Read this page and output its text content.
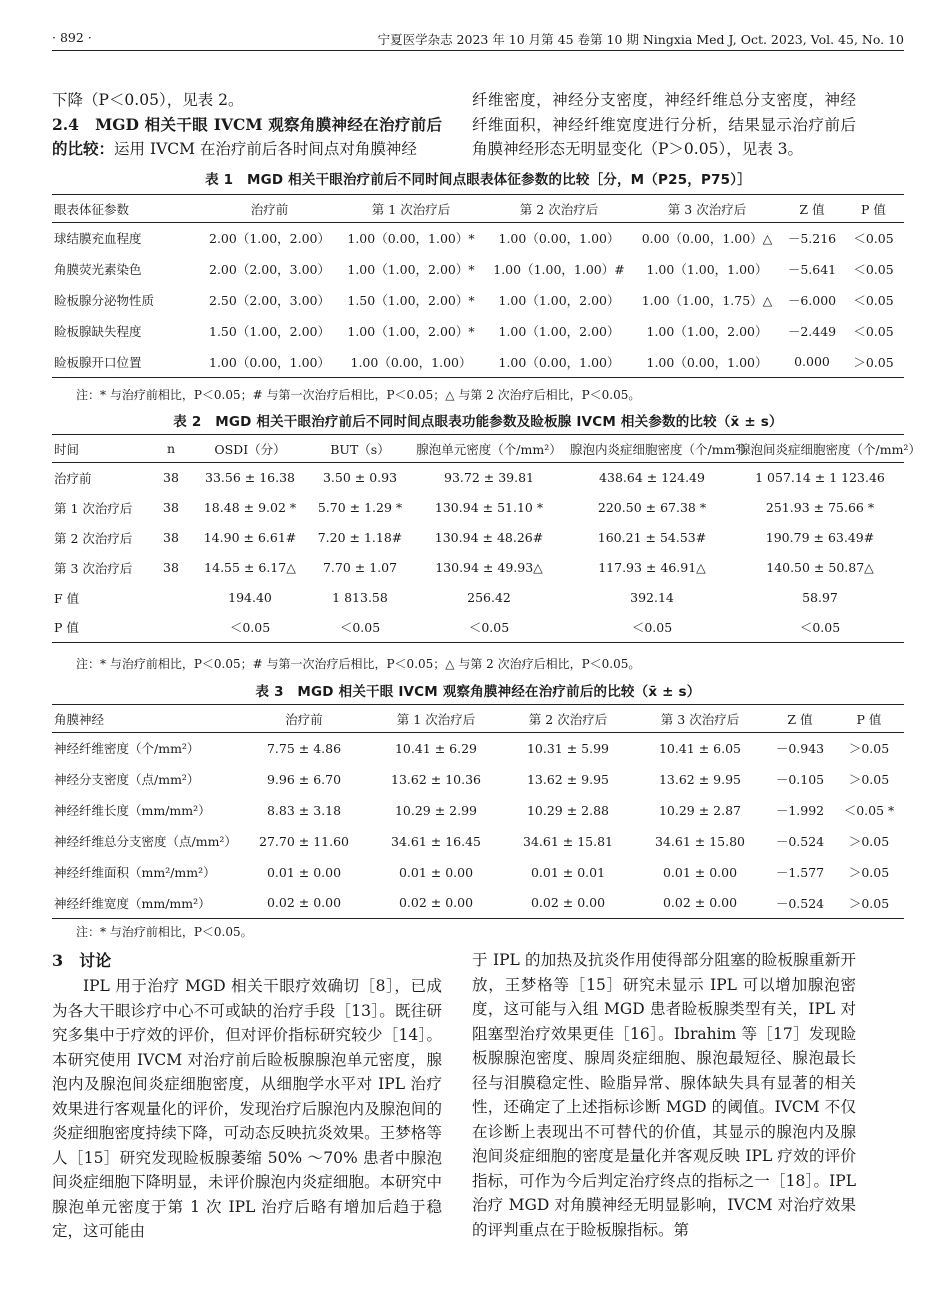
· 892 ·	宁夏医学杂志 2023 年 10 月第 45 卷第 10 期 Ningxia Med J, Oct. 2023, Vol. 45, No. 10

下降（P＜0.05），见表 2。

2.4　MGD 相关干眼 IVCM 观察角膜神经在治疗前后的比较：运用 IVCM 在治疗前后各时间点对角膜神经

纤维密度，神经分支密度，神经纤维总分支密度，神经纤维面积，神经纤维宽度进行分析，结果显示治疗前后角膜神经形态无明显变化（P＞0.05），见表 3。

表 1　MGD 相关干眼治疗前后不同时间点眼表体征参数的比较［分，M（P25，P75）］
眼表体征参数	治疗前	第 1 次治疗后	第 2 次治疗后	第 3 次治疗后	Z 值	P 值
球结膜充血程度	2.00（1.00，2.00）	1.00（0.00，1.00）*	1.00（0.00，1.00）	0.00（0.00，1.00）△	－5.216	＜0.05
角膜荧光素染色	2.00（2.00，3.00）	1.00（1.00，2.00）*	1.00（1.00，1.00）#	1.00（1.00，1.00）	－5.641	＜0.05
睑板腺分泌物性质	2.50（2.00，3.00）	1.50（1.00，2.00）*	1.00（1.00，2.00）	1.00（1.00，1.75）△	－6.000	＜0.05
睑板腺缺失程度	1.50（1.00，2.00）	1.00（1.00，2.00）*	1.00（1.00，2.00）	1.00（1.00，2.00）	－2.449	＜0.05
睑板腺开口位置	1.00（0.00，1.00）	1.00（0.00，1.00）	1.00（0.00，1.00）	1.00（0.00，1.00）	0.000	＞0.05
注：* 与治疗前相比，P＜0.05；# 与第一次治疗后相比，P＜0.05；△ 与第 2 次治疗后相比，P＜0.05。
表 2　MGD 相关干眼治疗前后不同时间点眼表功能参数及睑板腺 IVCM 相关参数的比较（x̄ ± s）
时间	n	OSDI（分）	BUT（s）	腺泡单元密度（个/mm²）	腺泡内炎症细胞密度（个/mm²）	腺泡间炎症细胞密度（个/mm²）
治疗前	38	33.56 ± 16.38	3.50 ± 0.93	93.72 ± 39.81	438.64 ± 124.49	1 057.14 ± 1 123.46
第 1 次治疗后	38	18.48 ± 9.02 *	5.70 ± 1.29 *	130.94 ± 51.10 *	220.50 ± 67.38 *	251.93 ± 75.66 *
第 2 次治疗后	38	14.90 ± 6.61#	7.20 ± 1.18#	130.94 ± 48.26#	160.21 ± 54.53#	190.79 ± 63.49#
第 3 次治疗后	38	14.55 ± 6.17△	7.70 ± 1.07	130.94 ± 49.93△	117.93 ± 46.91△	140.50 ± 50.87△
F 值		194.40	1 813.58	256.42	392.14	58.97
P 值		＜0.05	＜0.05	＜0.05	＜0.05	＜0.05
注：* 与治疗前相比，P＜0.05；# 与第一次治疗后相比，P＜0.05；△ 与第 2 次治疗后相比，P＜0.05。
表 3　MGD 相关干眼 IVCM 观察角膜神经在治疗前后的比较（x̄ ± s）
角膜神经	治疗前	第 1 次治疗后	第 2 次治疗后	第 3 次治疗后	Z 值	P 值
神经纤维密度（个/mm²）	7.75 ± 4.86	10.41 ± 6.29	10.31 ± 5.99	10.41 ± 6.05	－0.943	＞0.05
神经分支密度（点/mm²）	9.96 ± 6.70	13.62 ± 10.36	13.62 ± 9.95	13.62 ± 9.95	－0.105	＞0.05
神经纤维长度（mm/mm²）	8.83 ± 3.18	10.29 ± 2.99	10.29 ± 2.88	10.29 ± 2.87	－1.992	＜0.05 *
神经纤维总分支密度（点/mm²）	27.70 ± 11.60	34.61 ± 16.45	34.61 ± 15.81	34.61 ± 15.80	－0.524	＞0.05
神经纤维面积（mm²/mm²）	0.01 ± 0.00	0.01 ± 0.00	0.01 ± 0.01	0.01 ± 0.00	－1.577	＞0.05
神经纤维宽度（mm/mm²）	0.02 ± 0.00	0.02 ± 0.00	0.02 ± 0.00	0.02 ± 0.00	－0.524	＞0.05
注：* 与治疗前相比，P＜0.05。
3　讨论

IPL 用于治疗 MGD 相关干眼疗效确切［8］，已成为各大干眼诊疗中心不可或缺的治疗手段［13］。既往研究多集中于疗效的评价，但对评价指标研究较少［14］。本研究使用 IVCM 对治疗前后睑板腺腺泡单元密度，腺泡内及腺泡间炎症细胞密度，从细胞学水平对 IPL 治疗效果进行客观量化的评价，发现治疗后腺泡内及腺泡间的炎症细胞密度持续下降，可动态反映抗炎效果。王梦格等人［15］研究发现睑板腺萎缩 50% ～70% 患者中腺泡间炎症细胞下降明显，未评价腺泡内炎症细胞。本研究中腺泡单元密度于第 1 次 IPL 治疗后略有增加后趋于稳定，这可能由

于 IPL 的加热及抗炎作用使得部分阻塞的睑板腺重新开放，王梦格等［15］研究未显示 IPL 可以增加腺泡密度，这可能与入组 MGD 患者睑板腺类型有关，IPL 对阻塞型治疗效果更佳［16］。Ibrahim 等［17］发现睑板腺腺泡密度、腺周炎症细胞、腺泡最短径、腺泡最长径与泪膜稳定性、睑脂异常、腺体缺失具有显著的相关性，还确定了上述指标诊断 MGD 的阈值。IVCM 不仅在诊断上表现出不可替代的价值，其显示的腺泡内及腺泡间炎症细胞的密度是量化并客观反映 IPL 疗效的评价指标，可作为今后判定治疗终点的指标之一［18］。IPL 治疗 MGD 对角膜神经无明显影响，IVCM 对治疗效果的评判重点在于睑板腺指标。第
